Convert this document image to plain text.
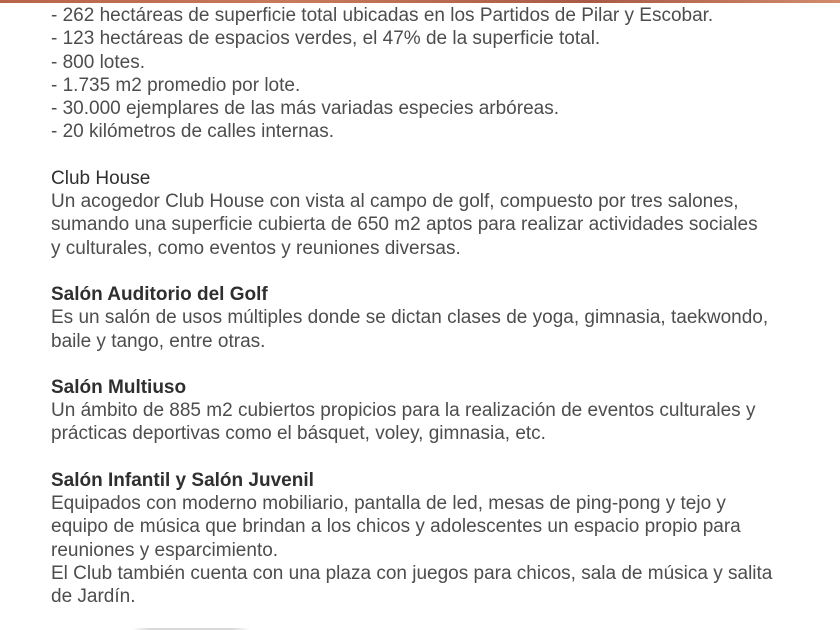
- 262 hectáreas de superficie total ubicadas en los Partidos de Pilar y Escobar.
- 123 hectáreas de espacios verdes, el 47% de la superficie total.
- 800 lotes.
- 1.735 m2 promedio por lote.
- 30.000 ejemplares de las más variadas especies arbóreas.
- 20 kilómetros de calles internas.
Club House
Un acogedor Club House con vista al campo de golf, compuesto por tres salones,
sumando una superficie cubierta de 650 m2 aptos para realizar actividades sociales
y culturales, como eventos y reuniones diversas.
Salón Auditorio del Golf
Es un salón de usos múltiples donde se dictan clases de yoga, gimnasia, taekwondo,
baile y tango, entre otras.
Salón Multiuso
Un ámbito de 885 m2 cubiertos propicios para la realización de eventos culturales y
prácticas deportivas como el básquet, voley, gimnasia, etc.
Salón Infantil y Salón Juvenil
Equipados con moderno mobiliario, pantalla de led, mesas de ping-pong y tejo y
equipo de música que brindan a los chicos y adolescentes un espacio propio para
reuniones y esparcimiento.
El Club también cuenta con una plaza con juegos para chicos, sala de música y salita
de Jardín.
